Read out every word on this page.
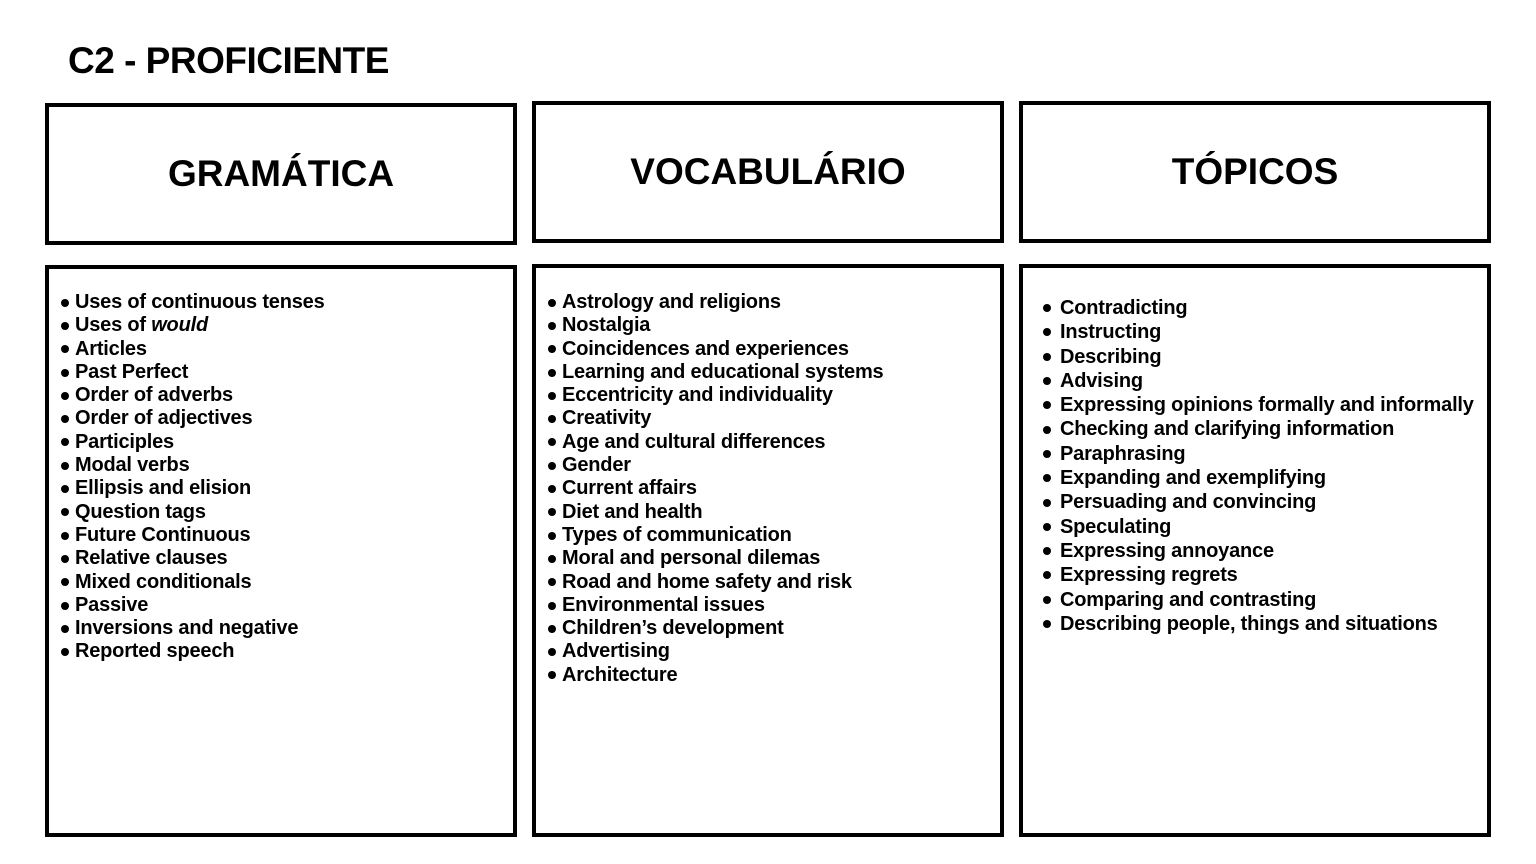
C2 - PROFICIENTE
GRAMÁTICA	VOCABULÁRIO	TÓPICOS
Uses of continuous tenses
Uses of would
Articles
Past Perfect
Order of adverbs
Order of adjectives
Participles
Modal verbs
Ellipsis and elision
Question tags
Future Continuous
Relative clauses
Mixed conditionals
Passive
Inversions and negative
Reported speech
Astrology and religions
Nostalgia
Coincidences and experiences
Learning and educational systems
Eccentricity and individuality
Creativity
Age and cultural differences
Gender
Current affairs
Diet and health
Types of communication
Moral and personal dilemas
Road and home safety and risk
Environmental issues
Children’s development
Advertising
Architecture
Contradicting
Instructing
Describing
Advising
Expressing opinions formally and informally
Checking and clarifying information
Paraphrasing
Expanding and exemplifying
Persuading and convincing
Speculating
Expressing annoyance
Expressing regrets
Comparing and contrasting
Describing people, things and situations
